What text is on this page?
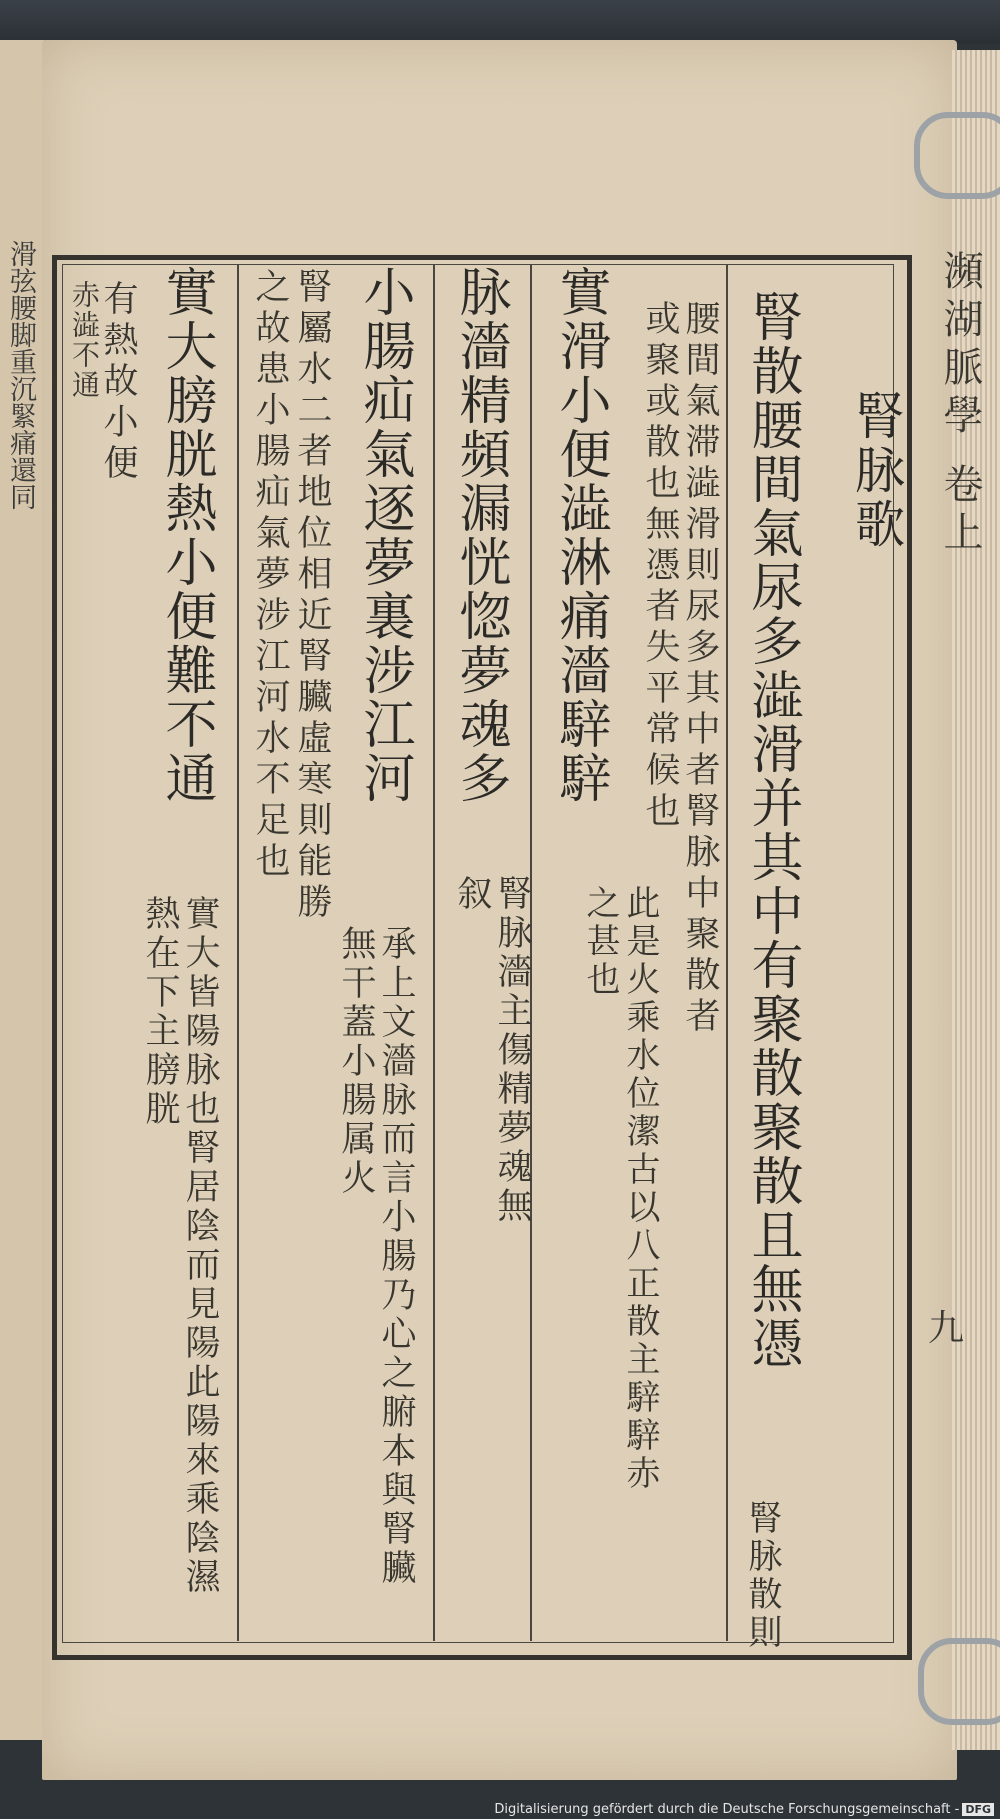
滑弦腰脚重沉緊痛還同	瀕湖脈學 卷上
九
腎脉歌
腎散腰間氣尿多澁滑并其中有聚散聚散且無憑
腎脉散則
腰間氣滞澁滑則尿多其中者腎脉中聚散者
或聚或散也無憑者失平常候也
實滑小便澁淋痛濇騂騂
此是火乘水位潔古以八正散主騂騂赤之甚也
脉濇精頻漏恍惚夢魂多
腎脉濇主傷精夢魂無叙
小腸疝氣逐夢裏涉江河
承上文濇脉而言小腸乃心之腑本與腎臟無干蓋小腸属火
腎屬水二者地位相近腎臟虛寒則能勝
之故患小腸疝氣夢涉江河水不足也
實大膀胱熱小便難不通
實大皆陽脉也腎居陰而見陽此陽來乘陰濕熱在下主膀胱
有熱故小便
赤澁不通
Digitalisierung gefördert durch die Deutsche Forschungsgemeinschaft - DFG
